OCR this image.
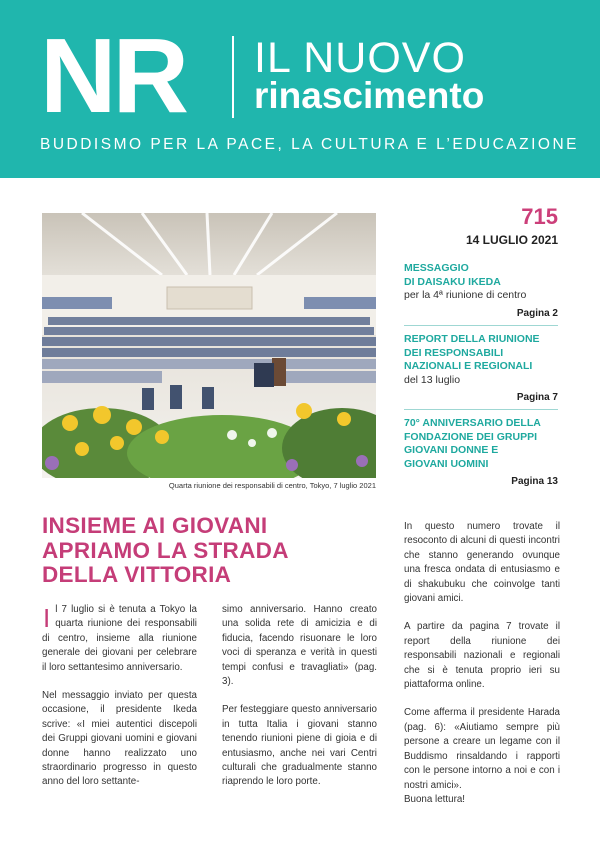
NR IL NUOVO
rinascimento
BUDDISMO PER LA PACE, LA CULTURA E L’EDUCAZIONE
Quarta riunione dei responsabili di centro, Tokyo, 7 luglio 2021
715
14 LUGLIO 2021
MESSAGGIO
DI DAISAKU IKEDA
per la 4ª riunione di centro
Pagina 2
REPORT DELLA RIUNIONE
DEI RESPONSABILI
NAZIONALI E REGIONALI
del 13 luglio
Pagina 7
70° ANNIVERSARIO DELLA
FONDAZIONE DEI GRUPPI
GIOVANI DONNE E
GIOVANI UOMINI
Pagina 13
INSIEME AI GIOVANI
APRIAMO LA STRADA
DELLA VITTORIA

Il 7 luglio si è tenuta a Tokyo la quarta riunione dei responsabili di centro, insieme alla riunione generale dei giovani per celebrare il loro settantesimo anniversario.

Nel messaggio inviato per questa occasione, il presidente Ikeda scrive: «I miei autentici discepoli dei Gruppi giovani uomini e giovani donne hanno realizzato uno straordinario progresso in questo anno del loro settante-

simo anniversario. Hanno creato una solida rete di amicizia e di fiducia, facendo risuonare le loro voci di speranza e verità in questi tempi confusi e travagliati» (pag. 3).

Per festeggiare questo anniversario in tutta Italia i giovani stanno tenendo riunioni piene di gioia e di entusiasmo, anche nei vari Centri culturali che gradualmente stanno riaprendo le loro porte.

In questo numero trovate il resoconto di alcuni di questi incontri che stanno generando ovunque una fresca ondata di entusiasmo e di shakubuku che coinvolge tanti giovani amici.

A partire da pagina 7 trovate il report della riunione dei responsabili nazionali e regionali che si è tenuta proprio ieri su piattaforma online.

Come afferma il presidente Harada (pag. 6): «Aiutiamo sempre più persone a creare un legame con il Buddismo rinsaldando i rapporti con le persone intorno a noi e con i nostri amici».

Buona lettura!
